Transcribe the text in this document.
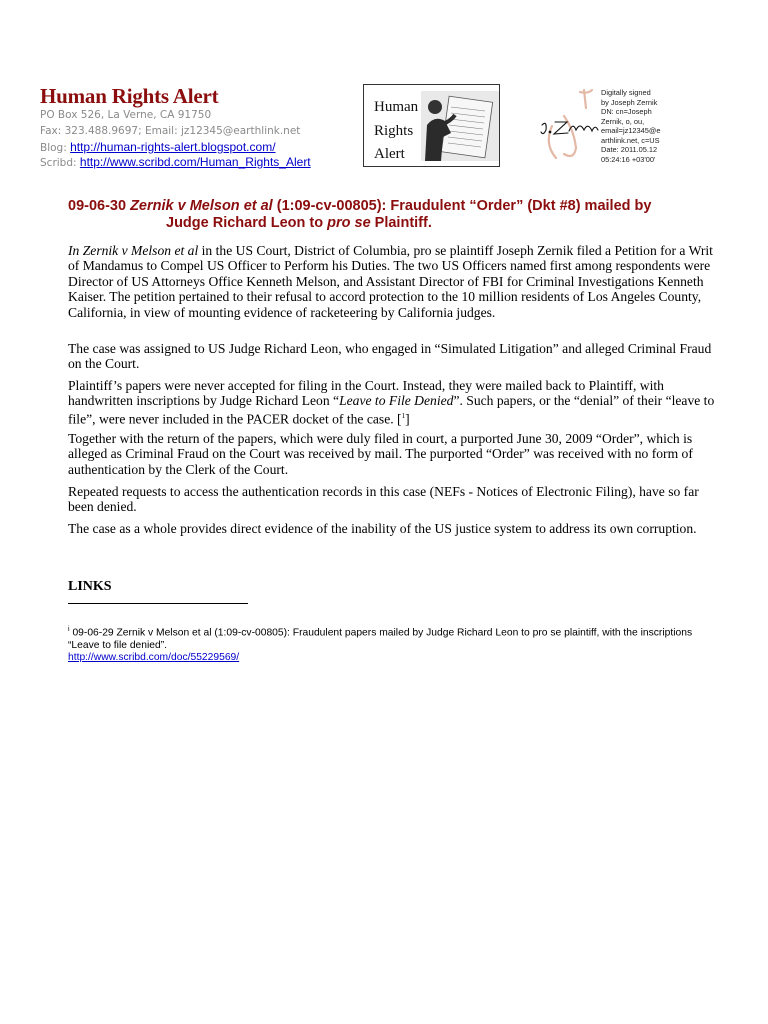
Human Rights Alert
PO Box 526, La Verne, CA 91750
Fax: 323.488.9697; Email: jz12345@earthlink.net
Blog: http://human-rights-alert.blogspot.com/
Scribd: http://www.scribd.com/Human_Rights_Alert
Human
Rights
Alert
Digitally signed
by Joseph Zernik
DN: cn=Joseph
Zernik, o, ou,
email=jz12345@e
arthlink.net, c=US
Date: 2011.05.12
05:24:16 +03'00'
09-06-30 Zernik v Melson et al (1:09-cv-00805): Fraudulent “Order” (Dkt #8) mailed by
Judge Richard Leon to pro se Plaintiff.

In Zernik v Melson et al in the US Court, District of Columbia, pro se plaintiff Joseph Zernik filed a Petition for a Writ of Mandamus to Compel US Officer to Perform his Duties. The two US Officers named first among respondents were Director of US Attorneys Office Kenneth Melson, and Assistant Director of FBI for Criminal Investigations Kenneth Kaiser. The petition pertained to their refusal to accord protection to the 10 million residents of Los Angeles County, California, in view of mounting evidence of racketeering by California judges.

The case was assigned to US Judge Richard Leon, who engaged in “Simulated Litigation” and alleged Criminal Fraud on the Court.

Plaintiff’s papers were never accepted for filing in the Court. Instead, they were mailed back to Plaintiff, with handwritten inscriptions by Judge Richard Leon “Leave to File Denied”. Such papers, or the “denial” of their “leave to file”, were never included in the PACER docket of the case. [$^1$]

Together with the return of the papers, which were duly filed in court, a purported June 30, 2009 “Order”, which is alleged as Criminal Fraud on the Court was received by mail. The purported “Order” was received with no form of authentication by the Clerk of the Court.

Repeated requests to access the authentication records in this case (NEFs - Notices of Electronic Filing), have so far been denied.

The case as a whole provides direct evidence of the inability of the US justice system to address its own corruption.

LINKS
$^i$ 09-06-29 Zernik v Melson et al (1:09-cv-00805): Fraudulent papers mailed by Judge Richard Leon to pro se plaintiff, with the inscriptions “Leave to file denied”.
http://www.scribd.com/doc/55229569/
